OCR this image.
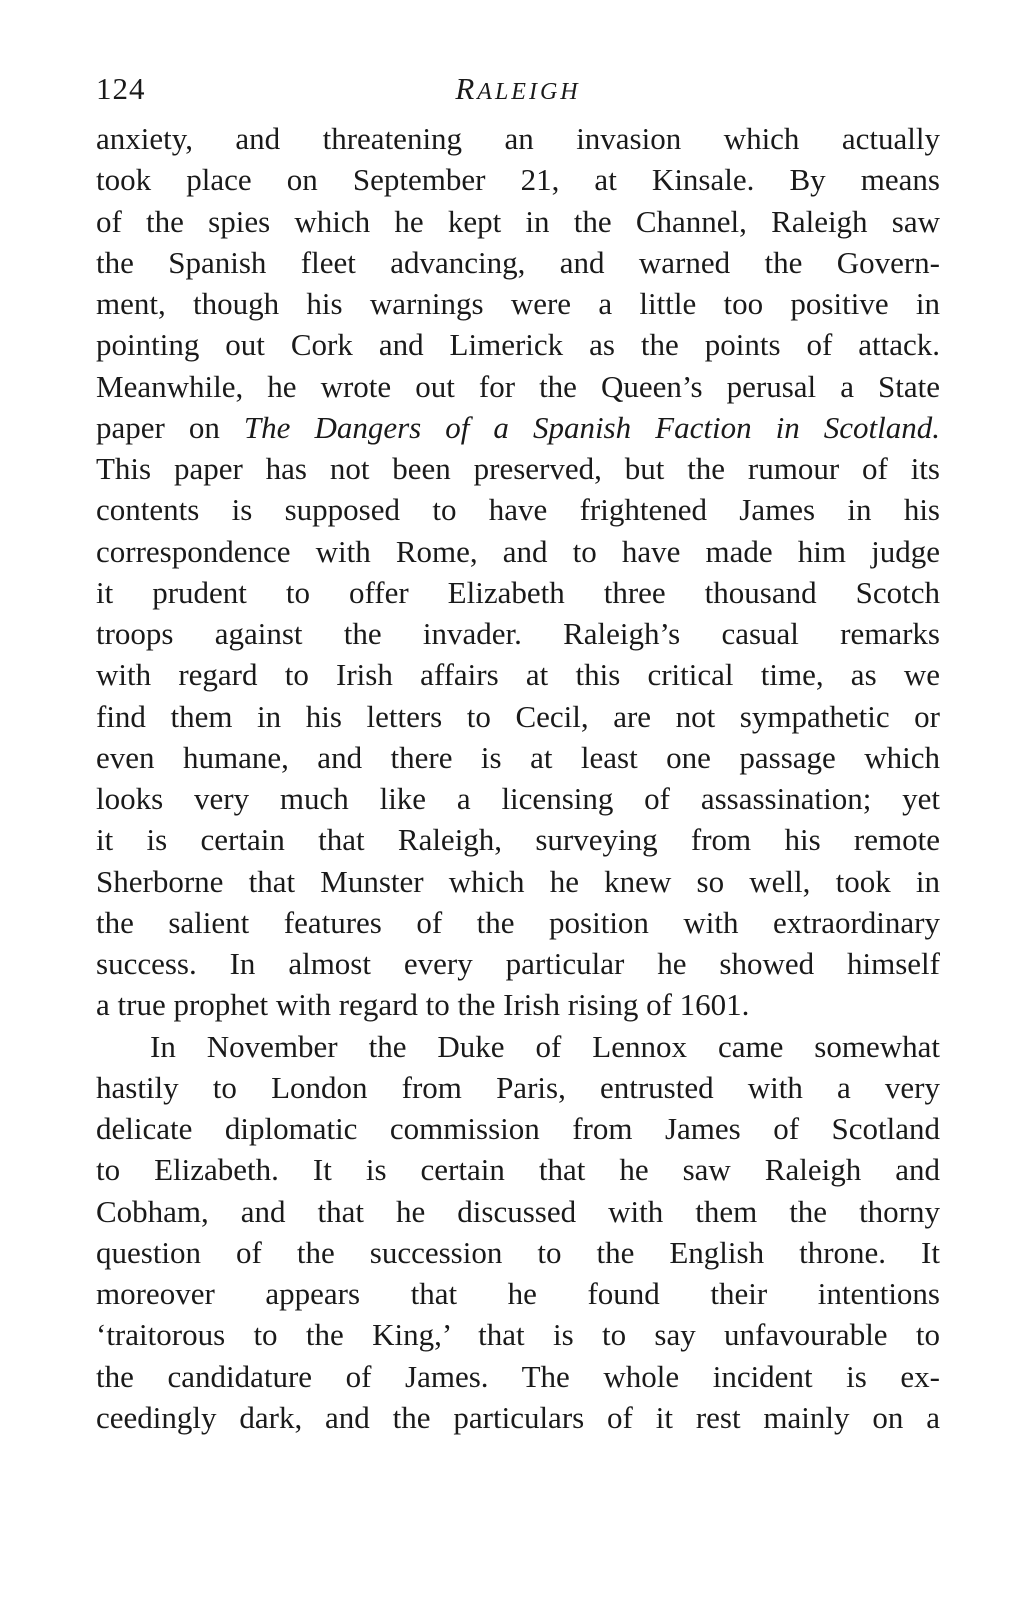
124	RALEIGH
anxiety, and threatening an invasion which actually
took place on September 21, at Kinsale. By means
of the spies which he kept in the Channel, Raleigh saw
the Spanish fleet advancing, and warned the Govern-
ment, though his warnings were a little too positive in
pointing out Cork and Limerick as the points of attack.
Meanwhile, he wrote out for the Queen’s perusal a State
paper on The Dangers of a Spanish Faction in Scotland.
This paper has not been preserved, but the rumour of its
contents is supposed to have frightened James in his
correspondence with Rome, and to have made him judge
it prudent to offer Elizabeth three thousand Scotch
troops against the invader. Raleigh’s casual remarks
with regard to Irish affairs at this critical time, as we
find them in his letters to Cecil, are not sympathetic or
even humane, and there is at least one passage which
looks very much like a licensing of assassination; yet
it is certain that Raleigh, surveying from his remote
Sherborne that Munster which he knew so well, took in
the salient features of the position with extraordinary
success. In almost every particular he showed himself
a true prophet with regard to the Irish rising of 1601.
In November the Duke of Lennox came somewhat
hastily to London from Paris, entrusted with a very
delicate diplomatic commission from James of Scotland
to Elizabeth. It is certain that he saw Raleigh and
Cobham, and that he discussed with them the thorny
question of the succession to the English throne. It
moreover appears that he found their intentions
‘traitorous to the King,’ that is to say unfavourable to
the candidature of James. The whole incident is ex-
ceedingly dark, and the particulars of it rest mainly on a
